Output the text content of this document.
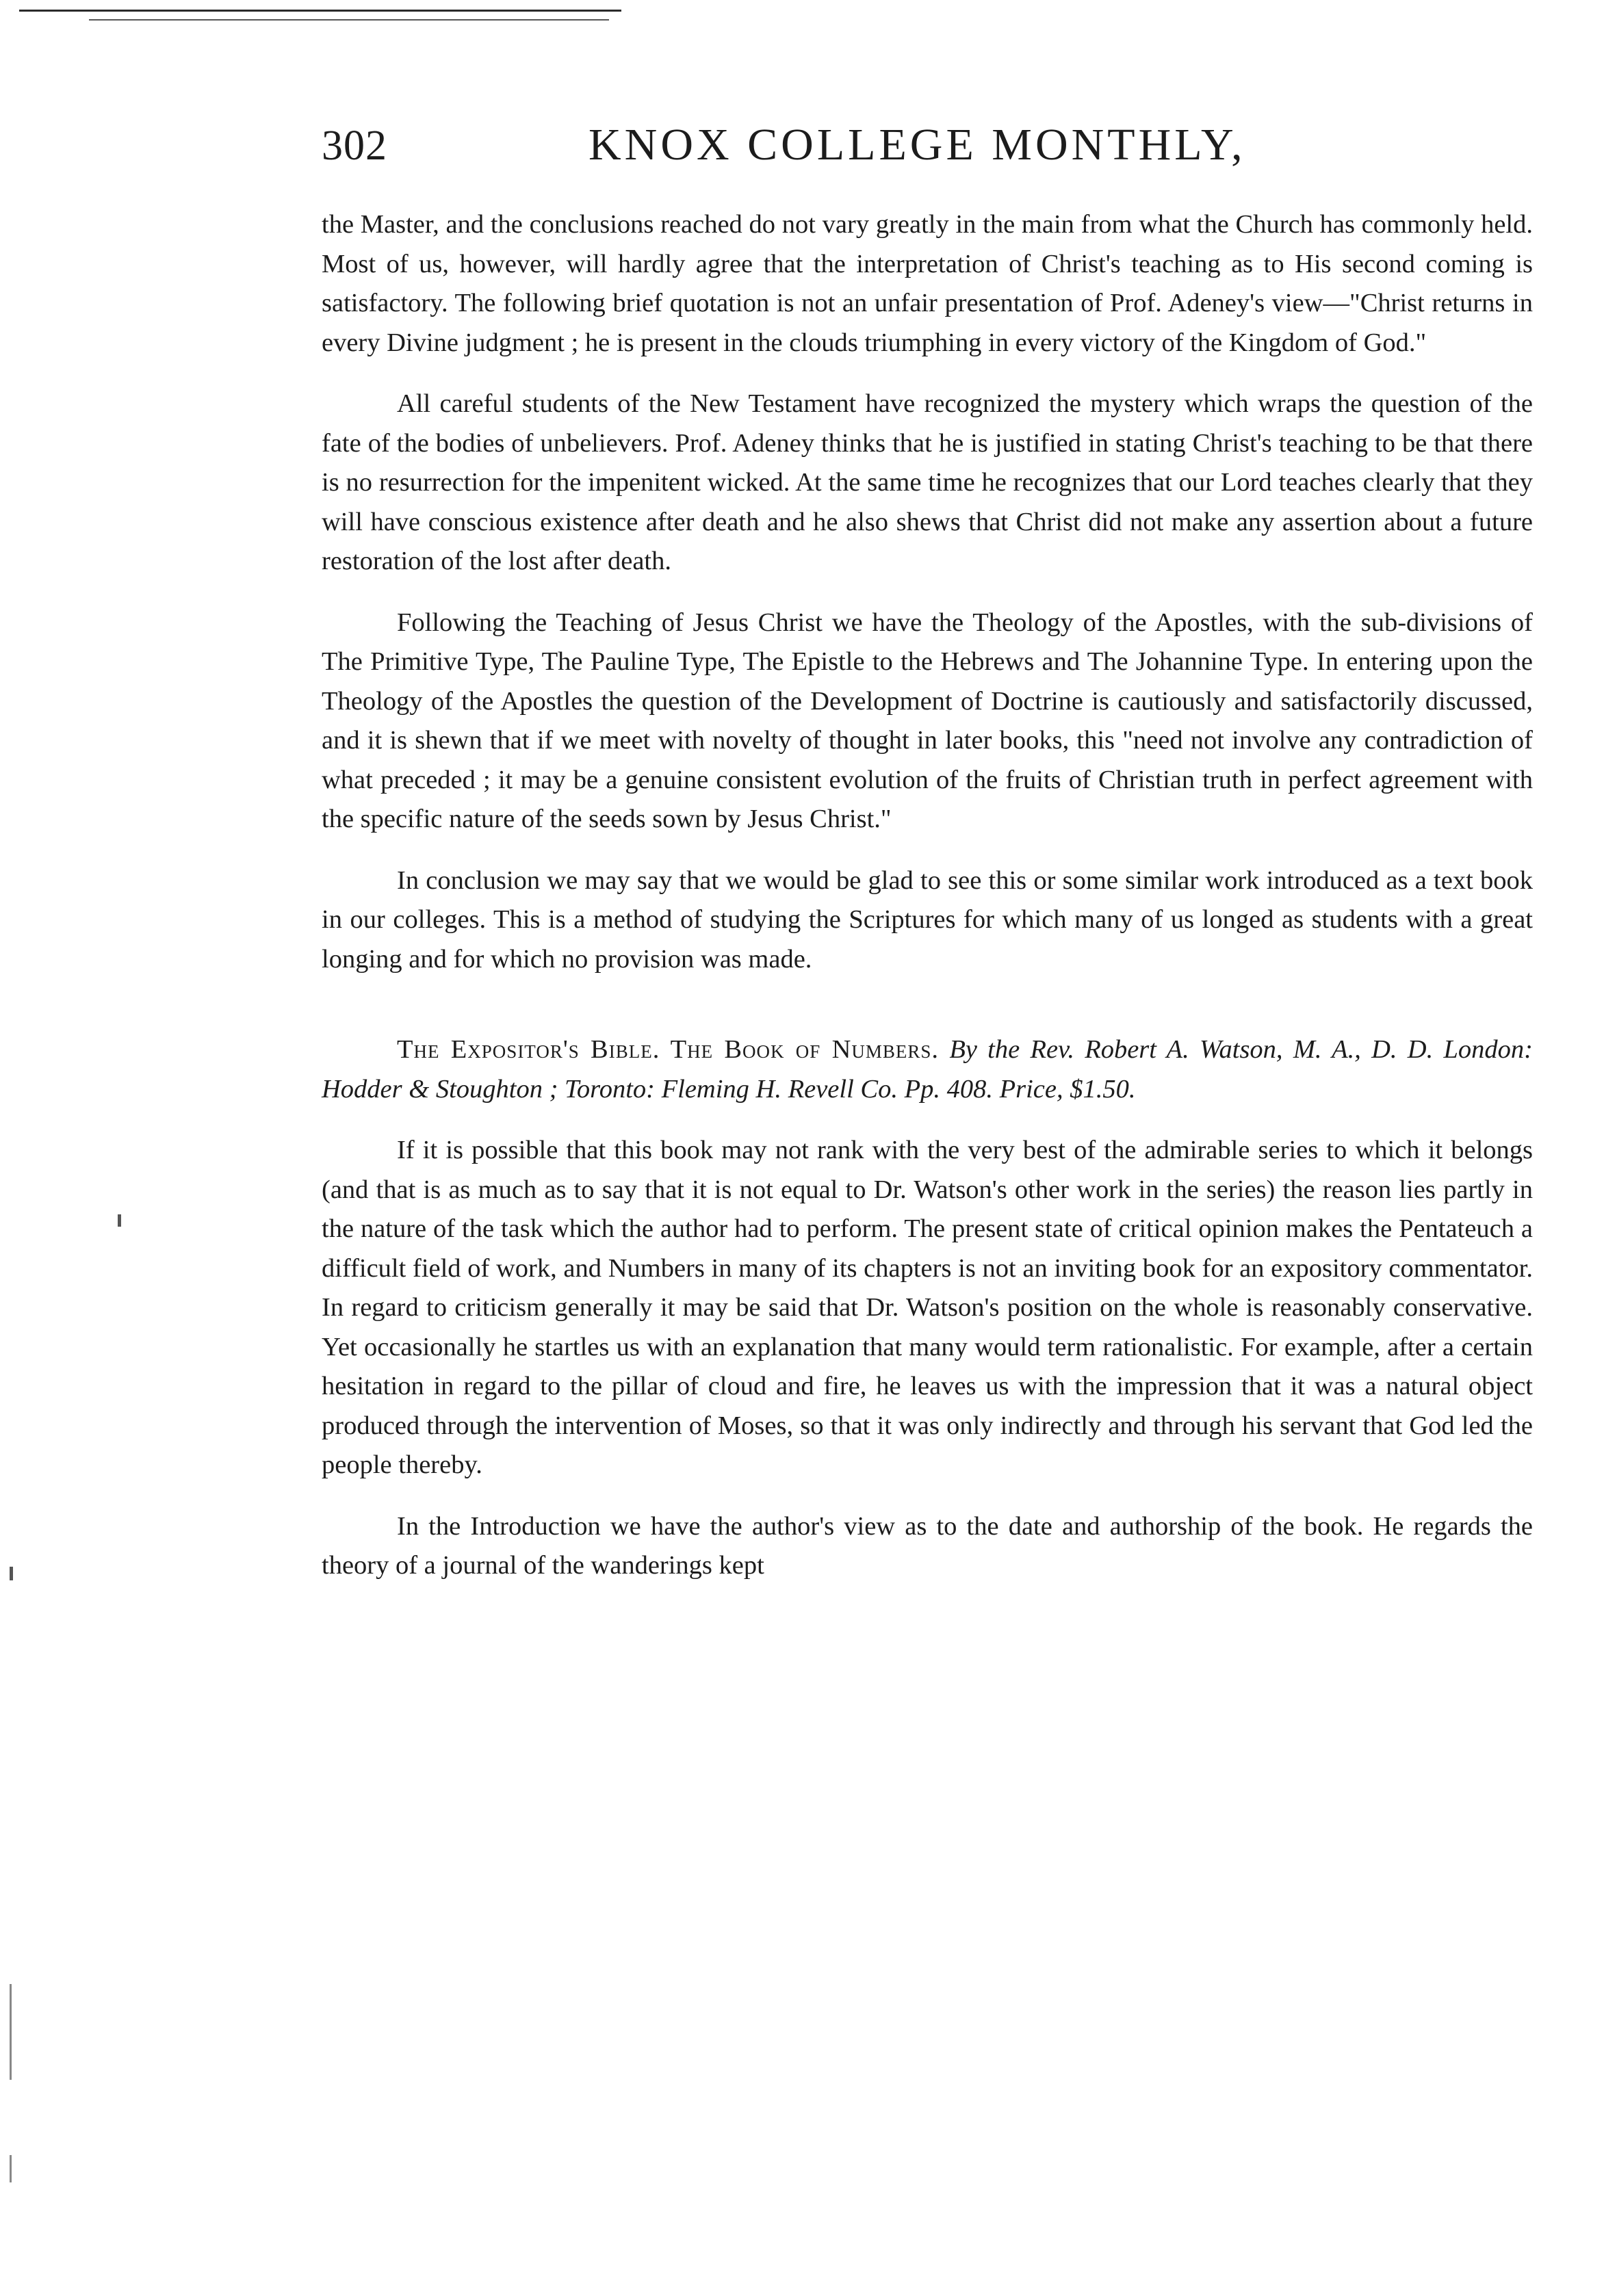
302	KNOX COLLEGE MONTHLY,

the Master, and the conclusions reached do not vary greatly in the main from what the Church has commonly held. Most of us, however, will hardly agree that the interpretation of Christ's teaching as to His second coming is satisfactory. The following brief quotation is not an unfair presentation of Prof. Adeney's view—"Christ returns in every Divine judgment ; he is present in the clouds triumphing in every victory of the Kingdom of God."

All careful students of the New Testament have recognized the mystery which wraps the question of the fate of the bodies of unbelievers. Prof. Adeney thinks that he is justified in stating Christ's teaching to be that there is no resurrection for the impenitent wicked. At the same time he recognizes that our Lord teaches clearly that they will have conscious existence after death and he also shews that Christ did not make any assertion about a future restoration of the lost after death.

Following the Teaching of Jesus Christ we have the Theology of the Apostles, with the sub-divisions of The Primitive Type, The Pauline Type, The Epistle to the Hebrews and The Johannine Type. In entering upon the Theology of the Apostles the question of the Development of Doctrine is cautiously and satisfactorily discussed, and it is shewn that if we meet with novelty of thought in later books, this "need not involve any contradiction of what preceded ; it may be a genuine consistent evolution of the fruits of Christian truth in perfect agreement with the specific nature of the seeds sown by Jesus Christ."

In conclusion we may say that we would be glad to see this or some similar work introduced as a text book in our colleges. This is a method of studying the Scriptures for which many of us longed as students with a great longing and for which no provision was made.

The Expositor's Bible. The Book of Numbers. By the Rev. Robert A. Watson, M. A., D. D. London: Hodder & Stoughton ; Toronto: Fleming H. Revell Co. Pp. 408. Price, $1.50.

If it is possible that this book may not rank with the very best of the admirable series to which it belongs (and that is as much as to say that it is not equal to Dr. Watson's other work in the series) the reason lies partly in the nature of the task which the author had to perform. The present state of critical opinion makes the Pentateuch a difficult field of work, and Numbers in many of its chapters is not an inviting book for an expository commentator. In regard to criticism generally it may be said that Dr. Watson's position on the whole is reasonably conservative. Yet occasionally he startles us with an explanation that many would term rationalistic. For example, after a certain hesitation in regard to the pillar of cloud and fire, he leaves us with the impression that it was a natural object produced through the intervention of Moses, so that it was only indirectly and through his servant that God led the people thereby.

In the Introduction we have the author's view as to the date and authorship of the book. He regards the theory of a journal of the wanderings kept
